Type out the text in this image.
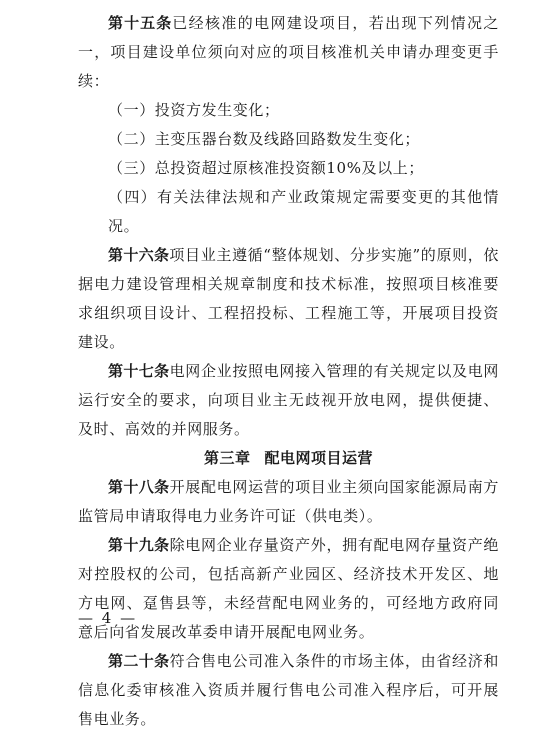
第十五条已经核准的电网建设项目，若出现下列情况之一，项目建设单位须向对应的项目核准机关申请办理变更手续：

（一）投资方发生变化；

（二）主变压器台数及线路回路数发生变化；

（三）总投资超过原核准投资额10%及以上；

（四）有关法律法规和产业政策规定需要变更的其他情况。

第十六条项目业主遵循“整体规划、分步实施”的原则，依据电力建设管理相关规章制度和技术标准，按照项目核准要求组织项目设计、工程招投标、工程施工等，开展项目投资建设。

第十七条电网企业按照电网接入管理的有关规定以及电网运行安全的要求，向项目业主无歧视开放电网，提供便捷、及时、高效的并网服务。

第三章 配电网项目运营

第十八条开展配电网运营的项目业主须向国家能源局南方监管局申请取得电力业务许可证（供电类）。

第十九条除电网企业存量资产外，拥有配电网存量资产绝对控股权的公司，包括高新产业园区、经济技术开发区、地方电网、趸售县等，未经营配电网业务的，可经地方政府同意后向省发展改革委申请开展配电网业务。

第二十条符合售电公司准入条件的市场主体，由省经济和信息化委审核准入资质并履行售电公司准入程序后，可开展售电业务。

— 4 —
